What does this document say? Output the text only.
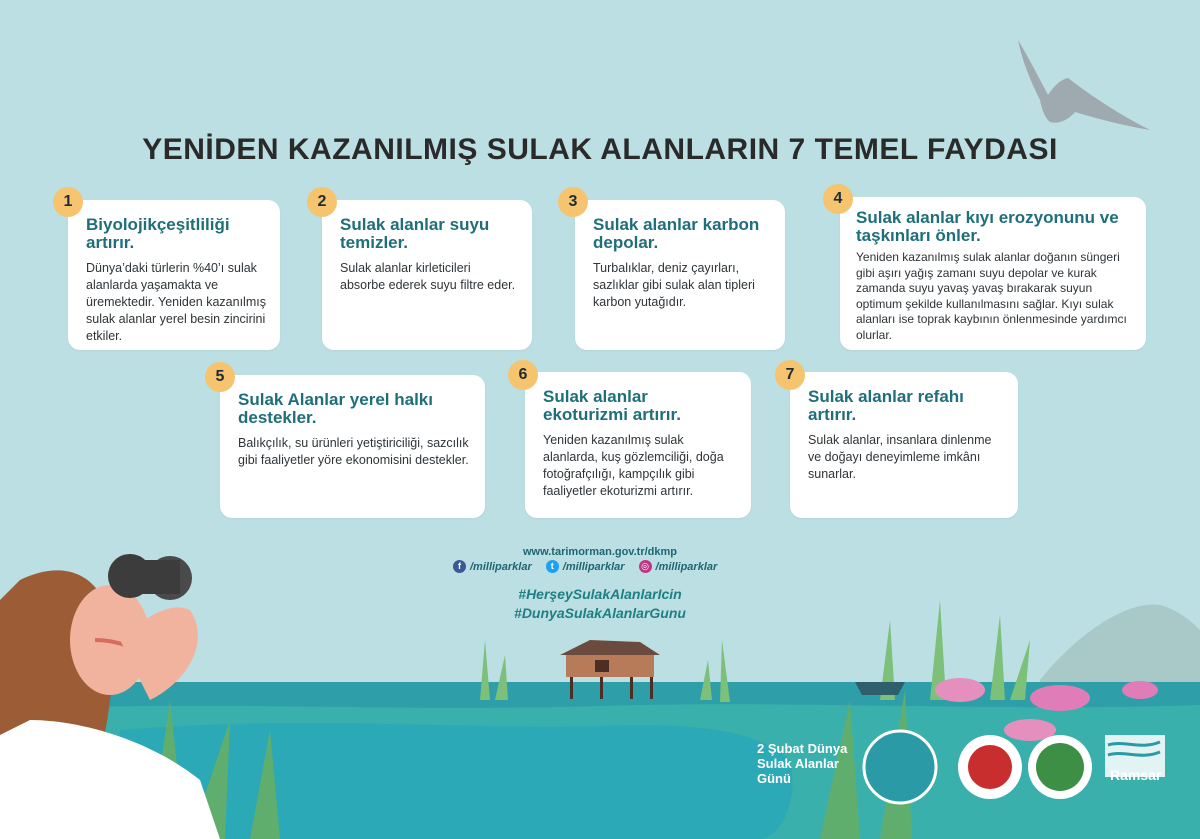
YENİDEN KAZANILMIŞ SULAK ALANLARIN 7 TEMEL FAYDASI
Biyolojikçeşitliliği artırır.
Dünya’daki türlerin %40’ı sulak alanlarda yaşamakta ve üremektedir. Yeniden kazanılmış sulak alanlar yerel besin zincirini etkiler.
1
Sulak alanlar suyu temizler.
Sulak alanlar kirleticileri absorbe ederek suyu filtre eder.
2
Sulak alanlar karbon depolar.
Turbalıklar, deniz çayırları, sazlıklar gibi sulak alan tipleri karbon yutağıdır.
3
Sulak alanlar kıyı erozyonunu ve taşkınları önler.
Yeniden kazanılmış sulak alanlar doğanın süngeri gibi aşırı yağış zamanı suyu depolar ve kurak zamanda suyu yavaş yavaş bırakarak suyun optimum şekilde kullanılmasını sağlar. Kıyı sulak alanları ise toprak kaybının önlenmesinde yardımcı olurlar.
4
Sulak Alanlar yerel halkı destekler.
Balıkçılık, su ürünleri yetiştiriciliği, sazcılık gibi faaliyetler yöre ekonomisini destekler.
5
Sulak alanlar ekoturizmi artırır.
Yeniden kazanılmış sulak alanlarda, kuş gözlemciliği, doğa fotoğrafçılığı, kampçılık gibi faaliyetler ekoturizmi artırır.
6
Sulak alanlar refahı artırır.
Sulak alanlar, insanlara dinlenme ve doğayı deneyimleme imkânı sunarlar.
7
www.tarimorman.gov.tr/dkmp
f /milliparklar	t /milliparklar ◎ /milliparklar
#HerşeySulakAlanlarIcin
#DunyaSulakAlanlarGunu
2 Şubat Dünya Sulak Alanlar Günü	Ramsar
